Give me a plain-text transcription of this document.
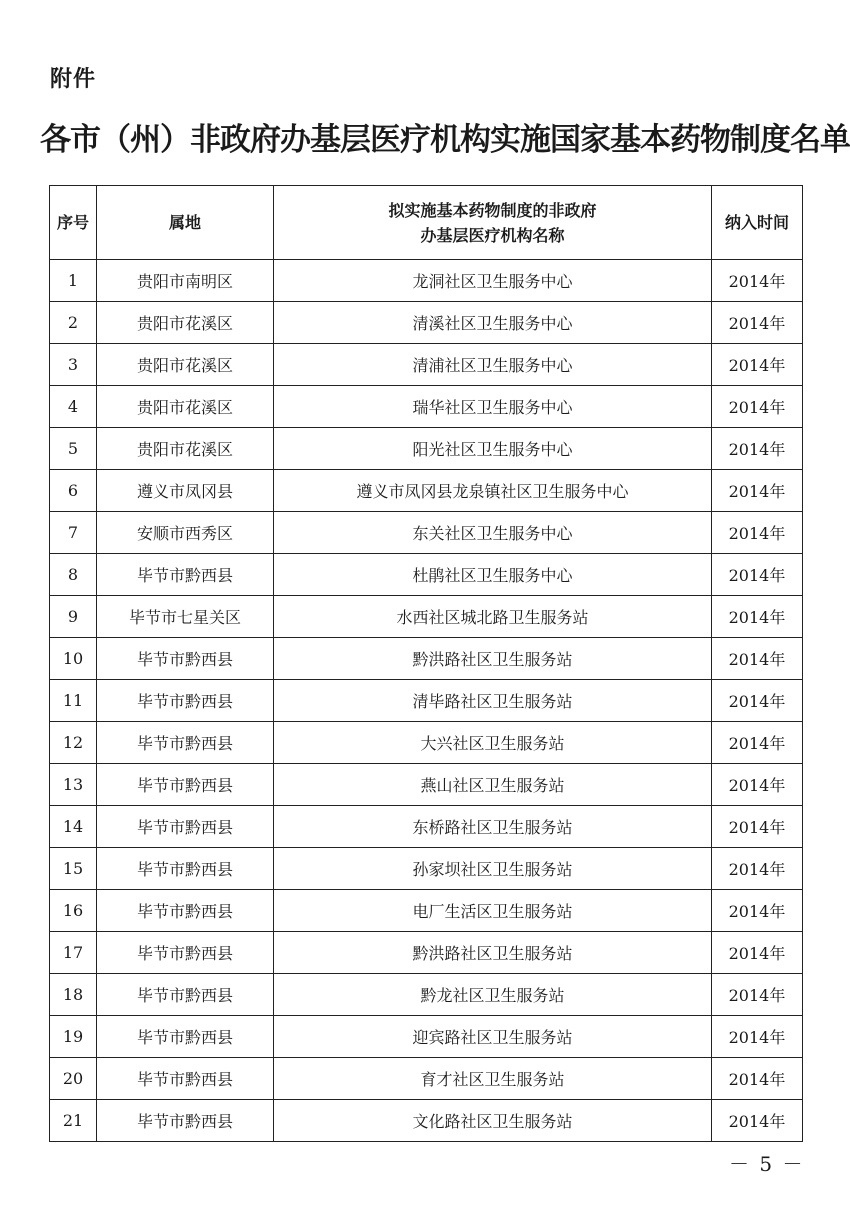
附件
各市（州）非政府办基层医疗机构实施国家基本药物制度名单
序号	属地	拟实施基本药物制度的非政府
办基层医疗机构名称	纳入时间
1	贵阳市南明区	龙洞社区卫生服务中心	2014年
2	贵阳市花溪区	清溪社区卫生服务中心	2014年
3	贵阳市花溪区	清浦社区卫生服务中心	2014年
4	贵阳市花溪区	瑞华社区卫生服务中心	2014年
5	贵阳市花溪区	阳光社区卫生服务中心	2014年
6	遵义市凤冈县	遵义市凤冈县龙泉镇社区卫生服务中心	2014年
7	安顺市西秀区	东关社区卫生服务中心	2014年
8	毕节市黔西县	杜鹃社区卫生服务中心	2014年
9	毕节市七星关区	水西社区城北路卫生服务站	2014年
10	毕节市黔西县	黔洪路社区卫生服务站	2014年
11	毕节市黔西县	清毕路社区卫生服务站	2014年
12	毕节市黔西县	大兴社区卫生服务站	2014年
13	毕节市黔西县	燕山社区卫生服务站	2014年
14	毕节市黔西县	东桥路社区卫生服务站	2014年
15	毕节市黔西县	孙家坝社区卫生服务站	2014年
16	毕节市黔西县	电厂生活区卫生服务站	2014年
17	毕节市黔西县	黔洪路社区卫生服务站	2014年
18	毕节市黔西县	黔龙社区卫生服务站	2014年
19	毕节市黔西县	迎宾路社区卫生服务站	2014年
20	毕节市黔西县	育才社区卫生服务站	2014年
21	毕节市黔西县	文化路社区卫生服务站	2014年
－ 5 －
